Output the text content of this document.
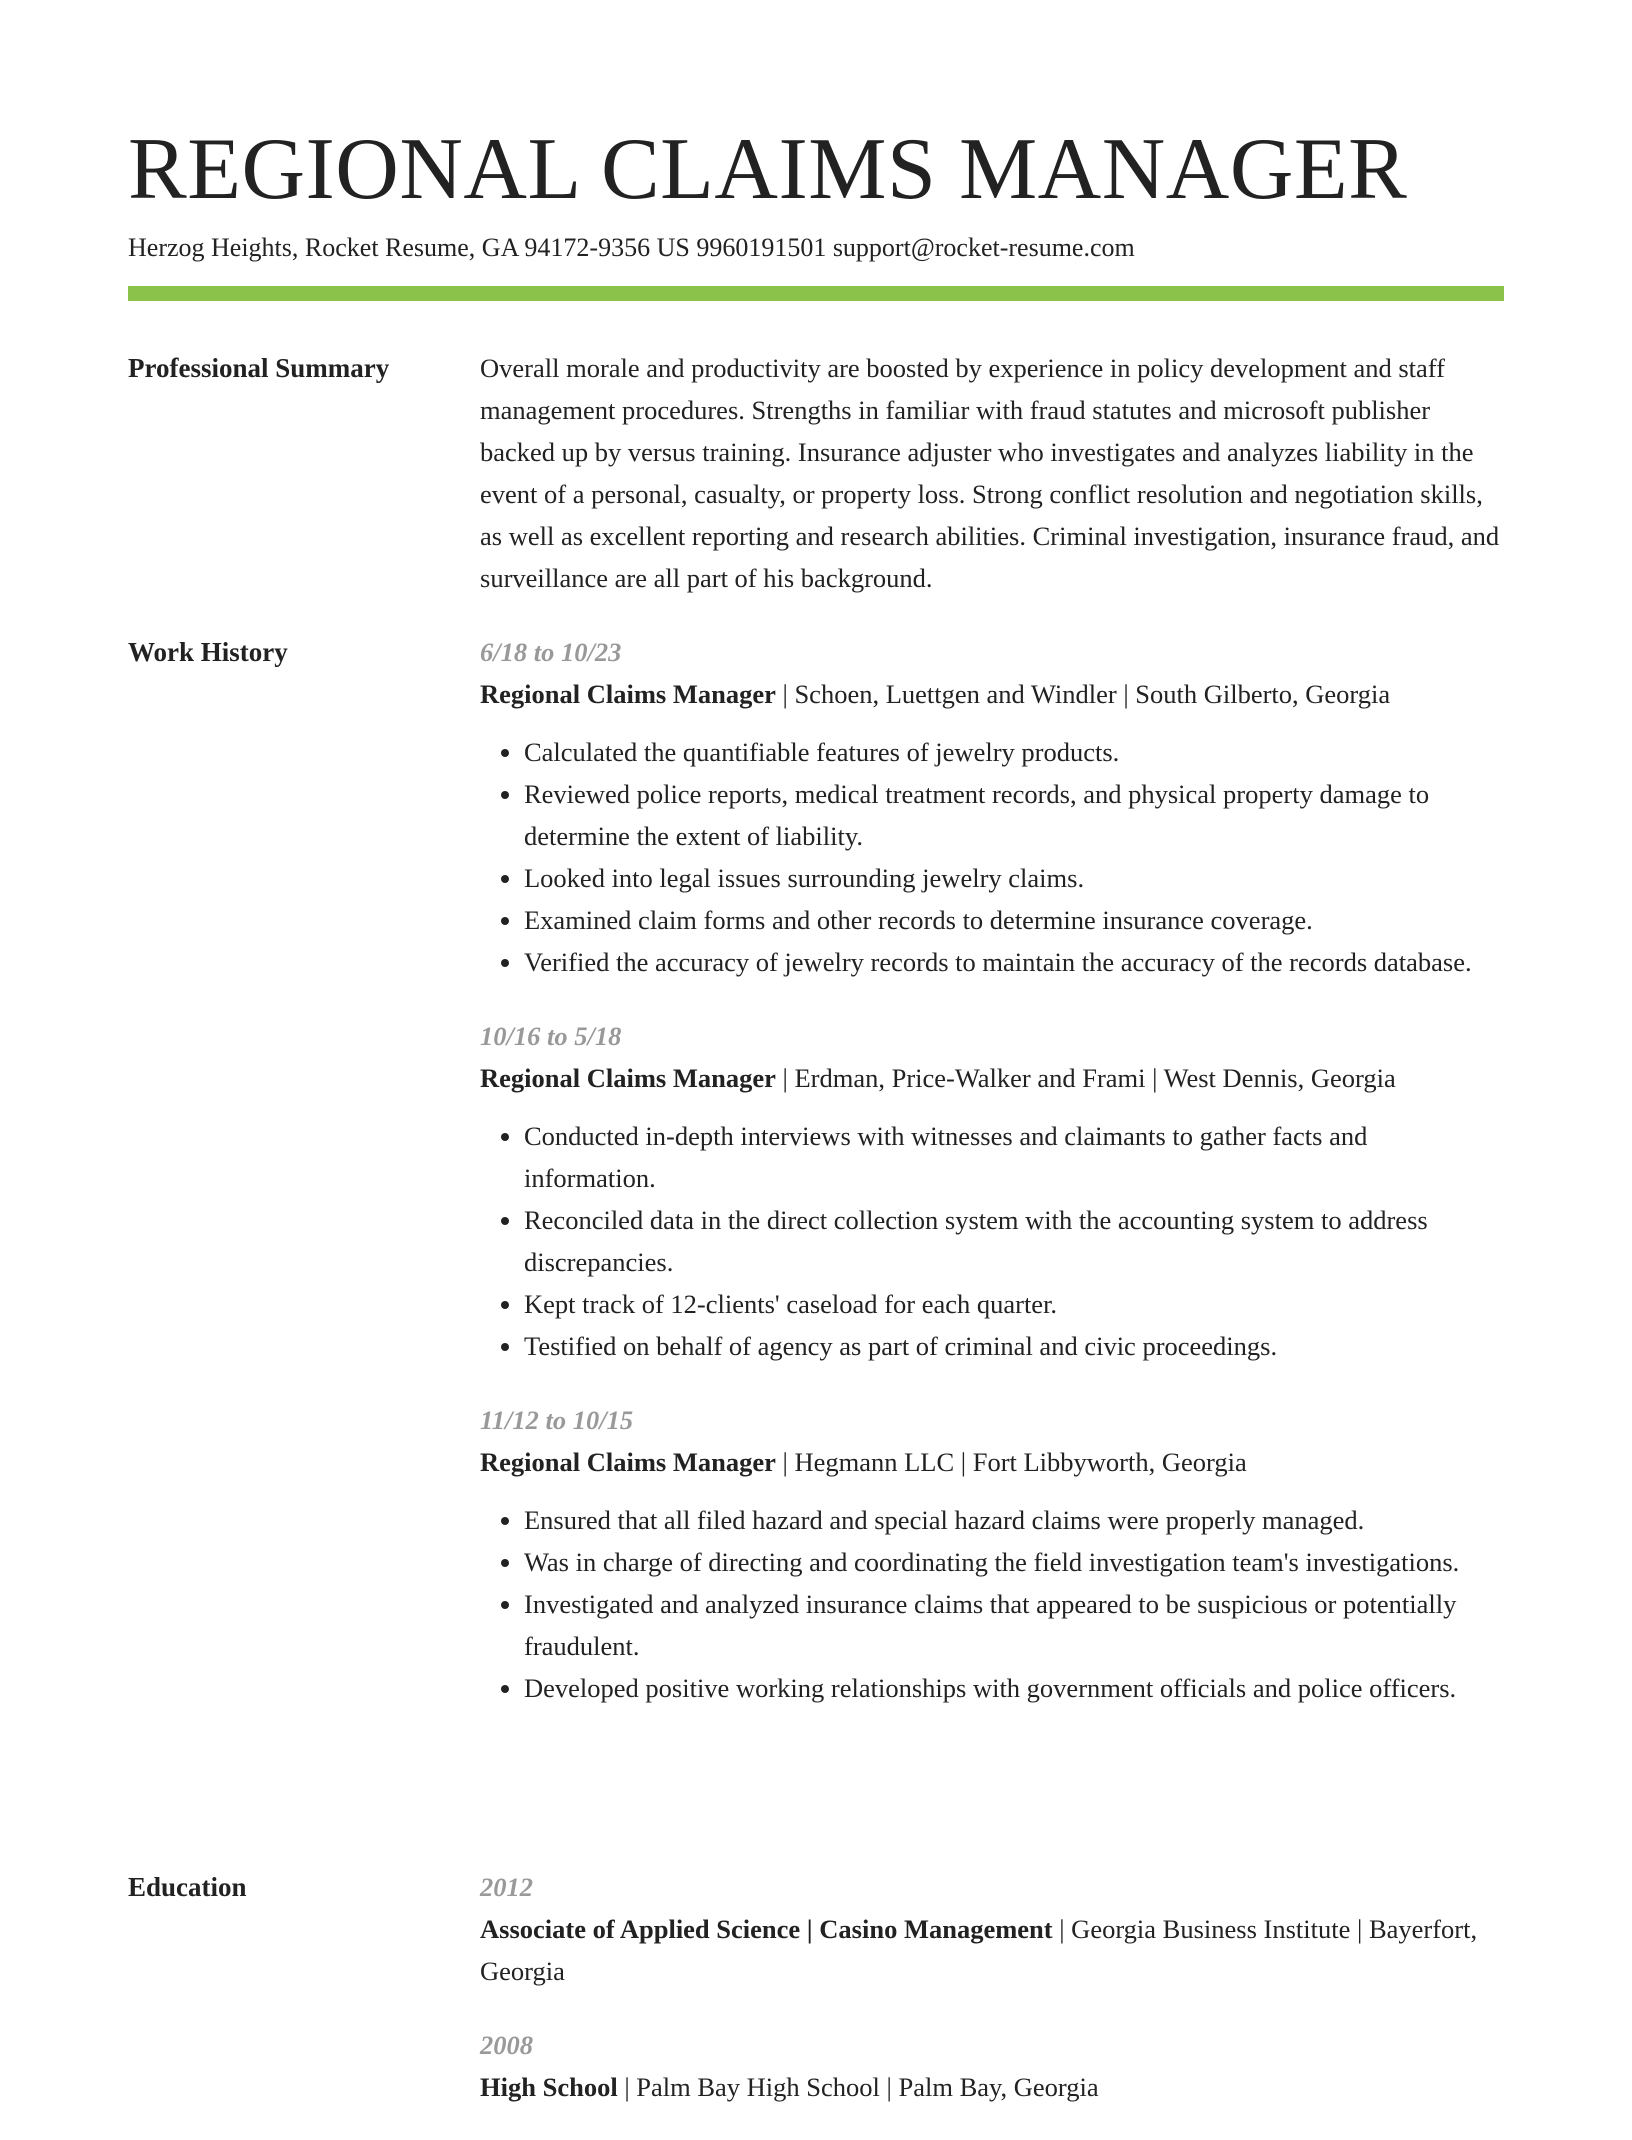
REGIONAL CLAIMS MANAGER
Herzog Heights, Rocket Resume, GA 94172-9356 US 9960191501 support@rocket-resume.com
Professional Summary	Overall morale and productivity are boosted by experience in policy development and staff management procedures. Strengths in familiar with fraud statutes and microsoft publisher backed up by versus training. Insurance adjuster who investigates and analyzes liability in the event of a personal, casualty, or property loss. Strong conflict resolution and negotiation skills, as well as excellent reporting and research abilities. Criminal investigation, insurance fraud, and surveillance are all part of his background.

Work History	6/18 to 10/23
Regional Claims Manager | Schoen, Luettgen and Windler | South Gilberto, Georgia
• Calculated the quantifiable features of jewelry products.
• Reviewed police reports, medical treatment records, and physical property damage to determine the extent of liability.
• Looked into legal issues surrounding jewelry claims.
• Examined claim forms and other records to determine insurance coverage.
• Verified the accuracy of jewelry records to maintain the accuracy of the records database.
10/16 to 5/18
Regional Claims Manager | Erdman, Price-Walker and Frami | West Dennis, Georgia
• Conducted in-depth interviews with witnesses and claimants to gather facts and information.
• Reconciled data in the direct collection system with the accounting system to address discrepancies.
• Kept track of 12-clients' caseload for each quarter.
• Testified on behalf of agency as part of criminal and civic proceedings.
11/12 to 10/15
Regional Claims Manager | Hegmann LLC | Fort Libbyworth, Georgia
• Ensured that all filed hazard and special hazard claims were properly managed.
• Was in charge of directing and coordinating the field investigation team's investigations.
• Investigated and analyzed insurance claims that appeared to be suspicious or potentially fraudulent.
• Developed positive working relationships with government officials and police officers.
Education	2012
Associate of Applied Science | Casino Management | Georgia Business Institute | Bayerfort, Georgia
2008
High School | Palm Bay High School | Palm Bay, Georgia
